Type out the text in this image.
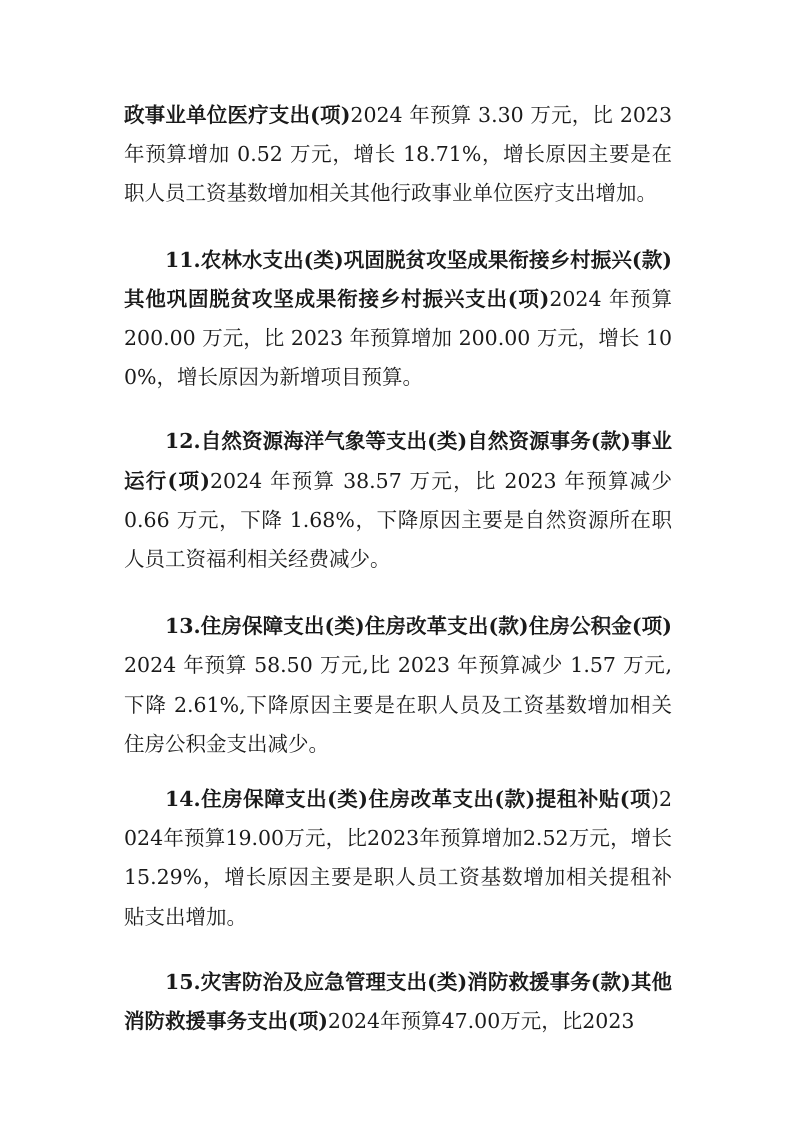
政事业单位医疗支出(项)2024 年预算 3.30 万元，比 2023 年预算增加 0.52 万元，增长 18.71%，增长原因主要是在职人员工资基数增加相关其他行政事业单位医疗支出增加。

11.农林水支出(类)巩固脱贫攻坚成果衔接乡村振兴(款)其他巩固脱贫攻坚成果衔接乡村振兴支出(项)2024 年预算 200.00 万元，比 2023 年预算增加 200.00 万元，增长 100%，增长原因为新增项目预算。

12.自然资源海洋气象等支出(类)自然资源事务(款)事业运行(项)2024 年预算 38.57 万元，比 2023 年预算减少 0.66 万元，下降 1.68%，下降原因主要是自然资源所在职人员工资福利相关经费减少。

13.住房保障支出(类)住房改革支出(款)住房公积金(项)2024 年预算 58.50 万元,比 2023 年预算减少 1.57 万元,下降 2.61%,下降原因主要是在职人员及工资基数增加相关住房公积金支出减少。

14.住房保障支出(类)住房改革支出(款)提租补贴(项)2024年预算19.00万元，比2023年预算增加2.52万元，增长15.29%，增长原因主要是职人员工资基数增加相关提租补贴支出增加。

15.灾害防治及应急管理支出(类)消防救援事务(款)其他消防救援事务支出(项)2024年预算47.00万元，比2023
